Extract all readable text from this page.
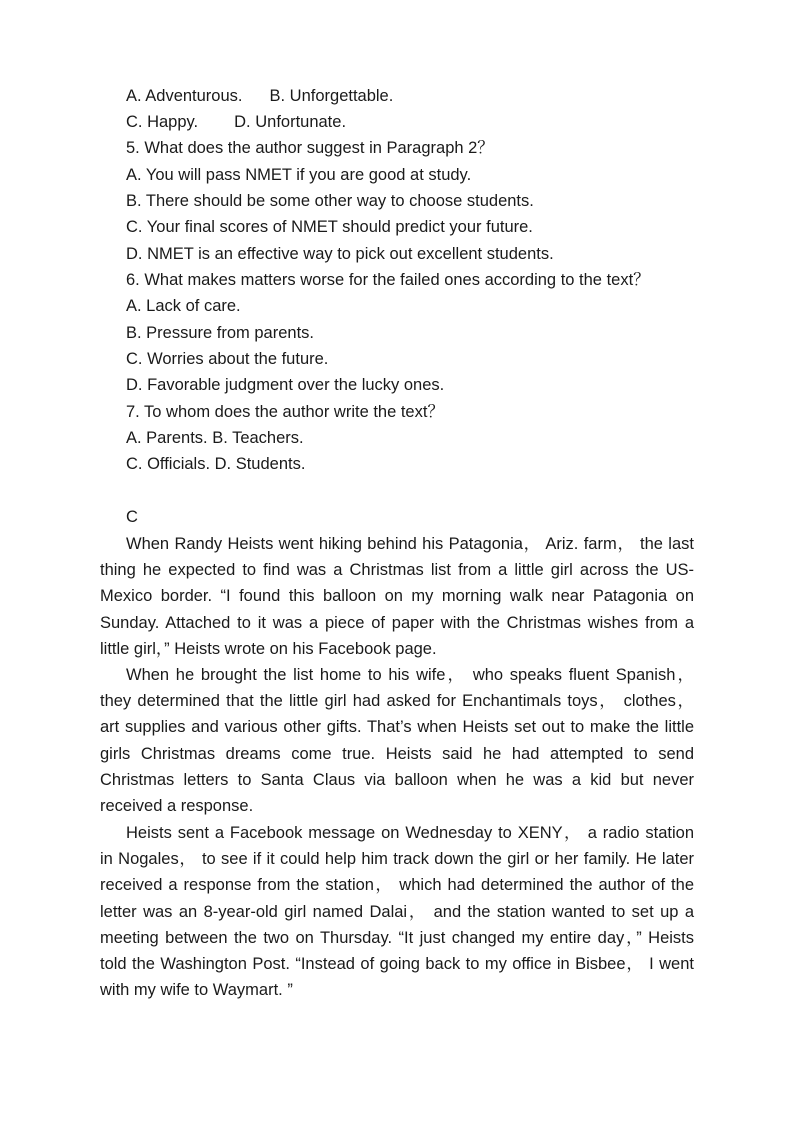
A. Adventurous. B. Unforgettable.
C. Happy. D. Unfortunate.
5. What does the author suggest in Paragraph 2？
A. You will pass NMET if you are good at study.
B. There should be some other way to choose students.
C. Your final scores of NMET should predict your future.
D. NMET is an effective way to pick out excellent students.
6. What makes matters worse for the failed ones according to the text？
A. Lack of care.
B. Pressure from parents.
C. Worries about the future.
D. Favorable judgment over the lucky ones.
7. To whom does the author write the text？
A. Parents. B. Teachers.
C. Officials. D. Students.
C

When Randy Heists went hiking behind his Patagonia， Ariz. farm， the last thing he expected to find was a Christmas list from a little girl across the US-Mexico border. “I found this balloon on my morning walk near Patagonia on Sunday. Attached to it was a piece of paper with the Christmas wishes from a little girl，” Heists wrote on his Facebook page.

When he brought the list home to his wife， who speaks fluent Spanish， they determined that the little girl had asked for Enchantimals toys， clothes， art supplies and various other gifts. That’s when Heists set out to make the little girls Christmas dreams come true. Heists said he had attempted to send Christmas letters to Santa Claus via balloon when he was a kid but never received a response.

Heists sent a Facebook message on Wednesday to XENY， a radio station in Nogales， to see if it could help him track down the girl or her family. He later received a response from the station， which had determined the author of the letter was an 8-year-old girl named Dalai， and the station wanted to set up a meeting between the two on Thursday. “It just changed my entire day，” Heists told the Washington Post. “Instead of going back to my office in Bisbee， I went with my wife to Waymart. ”
